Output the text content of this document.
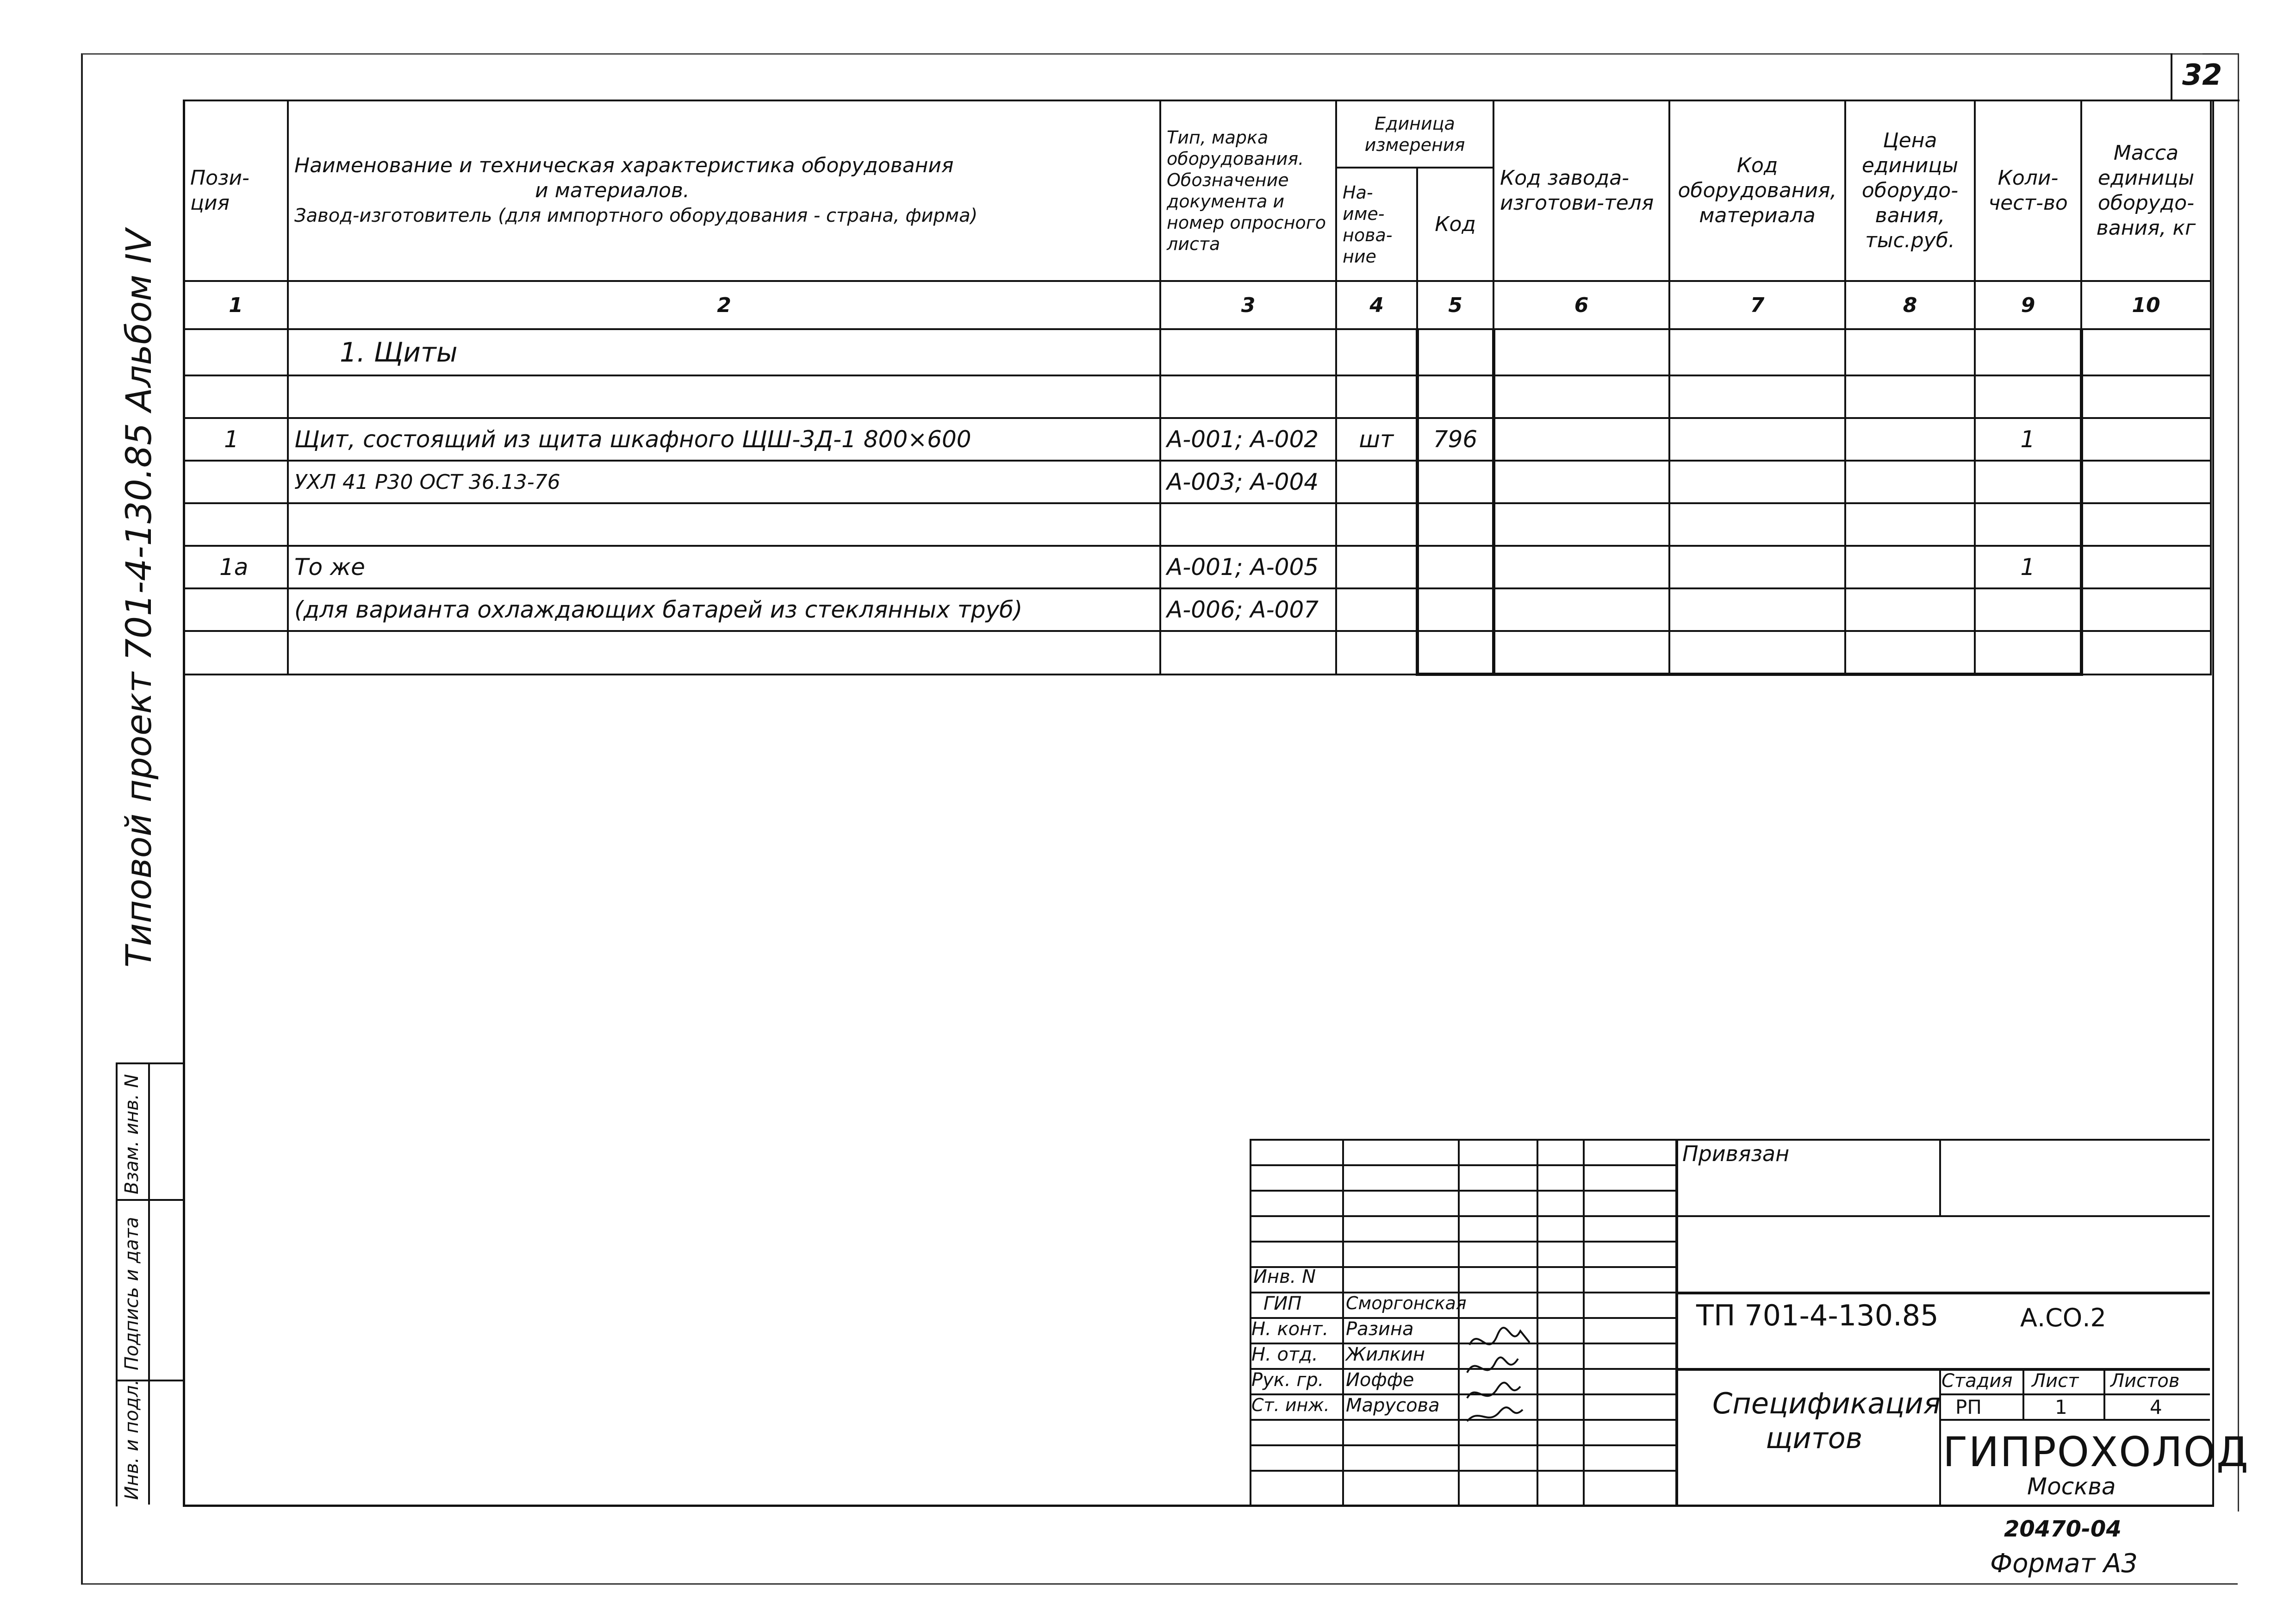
32
Типовой проект 701-4-130.85 Альбом IV
Взам. инв. N
Подпись и дата
Инв. и подл.
Пози-ция	Наименование и техническая характеристика оборудования
и материалов.
Завод-изготовитель (для импортного оборудования - страна, фирма)	Тип, марка оборудования. Обозначение документа и номер опросного листа	Единица измерения		Код завода-изготови-теля	Код оборудования, материала	Цена единицы оборудо-вания, тыс.руб.	Коли-чест-во	Масса единицы оборудо-вания, кг
			На-име-нова-ние	Код					
1	2	3	4	5	6	7	8	9	10
	1. Щиты								

1	Щит, состоящий из щита шкафного ЩШ-3Д-1 800×600	А-001; А-002	шт	796				1	
	УХЛ 41 Р30 ОСТ 36.13-76	А-003; А-004							

1а	То же	А-001; А-005						1	
	(для варианта охлаждающих батарей из стеклянных труб)	А-006; А-007							

Привязан
Инв. N
ГИП	Сморгонская
Н. конт. Разина
Н. отд. Жилкин
Рук. гр. Иоффе
Ст. инж. Марусова
ТП 701-4-130.85	А.СО.2
Спецификация
щитов
Стадия Лист Листов
РП	1	4
ГИПРОХОЛОД
Москва
20470-04
Формат А3
